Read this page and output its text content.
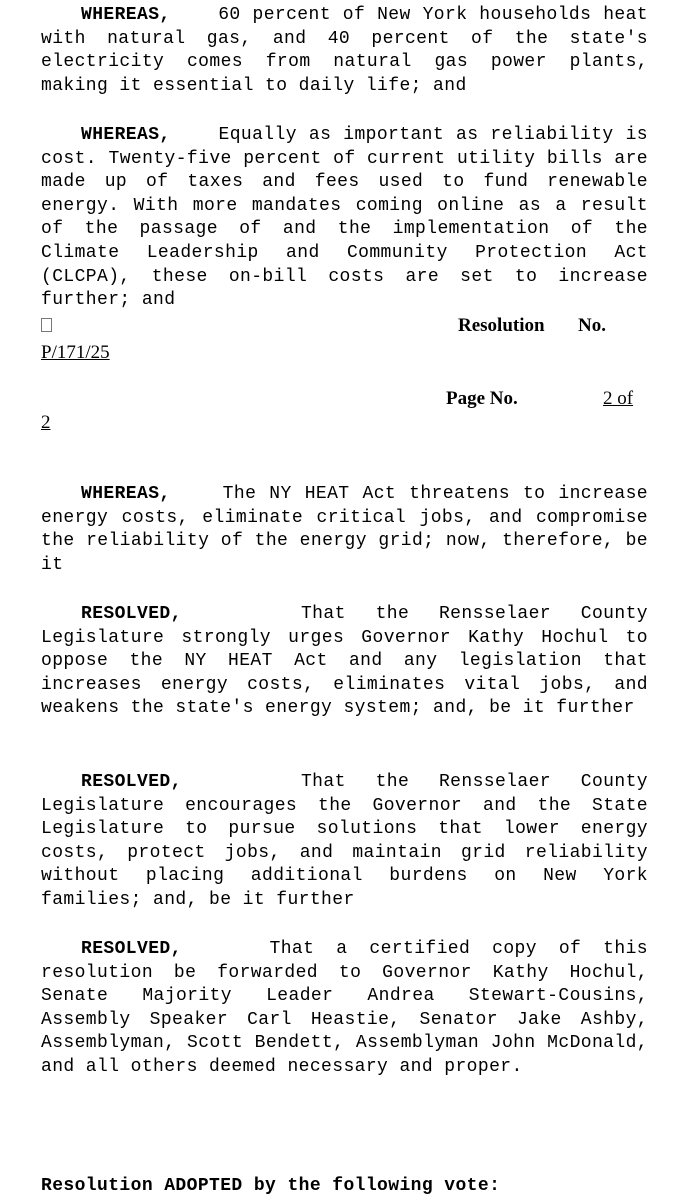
WHEREAS,	60 percent of New York households heat with natural gas, and 40 percent of the state's electricity comes from natural gas power plants, making it essential to daily life; and
WHEREAS,	Equally as important as reliability is cost. Twenty-five percent of current utility bills are made up of taxes and fees used to fund renewable energy. With more mandates coming online as a result of the passage of and the implementation of the Climate Leadership and Community Protection Act (CLCPA), these on-bill costs are set to increase further; and
Resolution No.
P/171/25
Page No.	2 of
2
WHEREAS,	The NY HEAT Act threatens to increase energy costs, eliminate critical jobs, and compromise the reliability of the energy grid; now, therefore, be it
RESOLVED,	That the Rensselaer County Legislature strongly urges Governor Kathy Hochul to oppose the NY HEAT Act and any legislation that increases energy costs, eliminates vital jobs, and weakens the state's energy system; and, be it further
RESOLVED,	That the Rensselaer County Legislature encourages the Governor and the State Legislature to pursue solutions that lower energy costs, protect jobs, and maintain grid reliability without placing additional burdens on New York families; and, be it further
RESOLVED,	That a certified copy of this resolution be forwarded to Governor Kathy Hochul, Senate Majority Leader Andrea Stewart-Cousins, Assembly Speaker Carl Heastie, Senator Jake Ashby, Assemblyman, Scott Bendett, Assemblyman John McDonald, and all others deemed necessary and proper.
Resolution ADOPTED by the following vote:
